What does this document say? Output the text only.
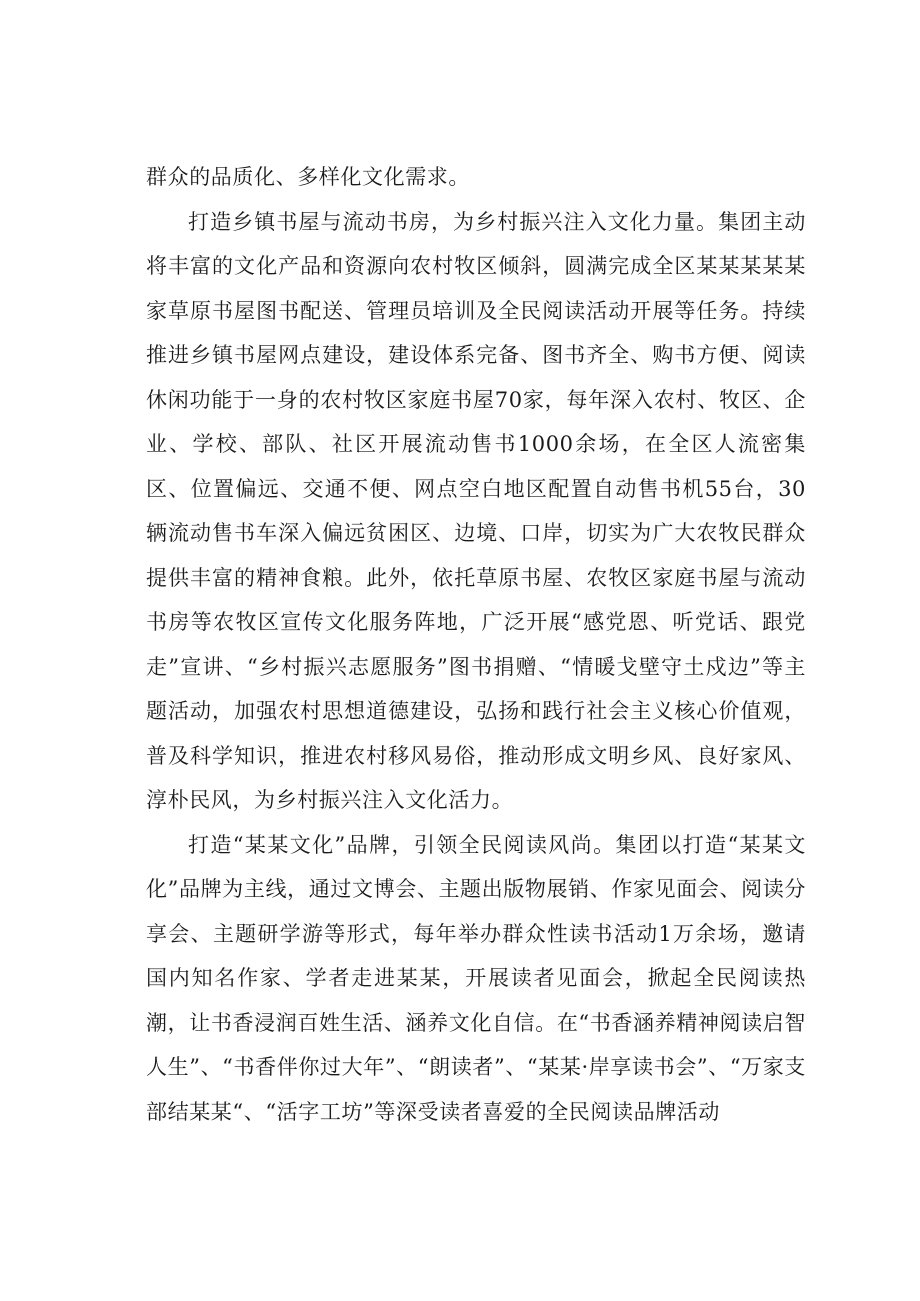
群众的品质化、多样化文化需求。

打造乡镇书屋与流动书房，为乡村振兴注入文化力量。集团主动将丰富的文化产品和资源向农村牧区倾斜，圆满完成全区某某某某某家草原书屋图书配送、管理员培训及全民阅读活动开展等任务。持续推进乡镇书屋网点建设，建设体系完备、图书齐全、购书方便、阅读休闲功能于一身的农村牧区家庭书屋70家，每年深入农村、牧区、企业、学校、部队、社区开展流动售书1000余场，在全区人流密集区、位置偏远、交通不便、网点空白地区配置自动售书机55台，30辆流动售书车深入偏远贫困区、边境、口岸，切实为广大农牧民群众提供丰富的精神食粮。此外，依托草原书屋、农牧区家庭书屋与流动书房等农牧区宣传文化服务阵地，广泛开展“感党恩、听党话、跟党走”宣讲、“乡村振兴志愿服务”图书捐赠、“情暖戈壁守土戍边”等主题活动，加强农村思想道德建设，弘扬和践行社会主义核心价值观，普及科学知识，推进农村移风易俗，推动形成文明乡风、良好家风、淳朴民风，为乡村振兴注入文化活力。

打造“某某文化”品牌，引领全民阅读风尚。集团以打造“某某文化”品牌为主线，通过文博会、主题出版物展销、作家见面会、阅读分享会、主题研学游等形式，每年举办群众性读书活动1万余场，邀请国内知名作家、学者走进某某，开展读者见面会，掀起全民阅读热潮，让书香浸润百姓生活、涵养文化自信。在“书香涵养精神阅读启智人生”、“书香伴你过大年”、“朗读者”、“某某·岸享读书会”、“万家支部结某某“、“活字工坊”等深受读者喜爱的全民阅读品牌活动
